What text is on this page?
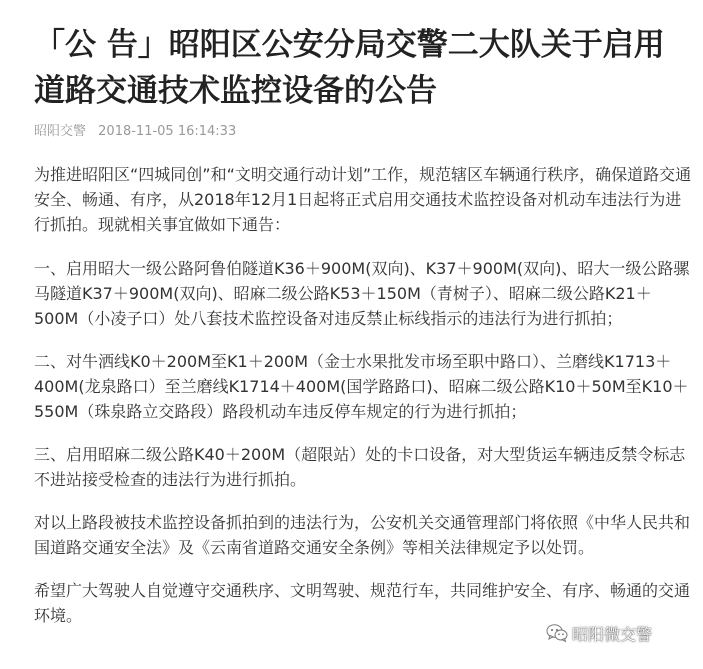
「公 告」昭阳区公安分局交警二大队关于启用道路交通技术监控设备的公告
昭阳交警 2018-11-05 16:14:33

为推进昭阳区“四城同创”和“文明交通行动计划”工作，规范辖区车辆通行秩序，确保道路交通安全、畅通、有序，从2018年12月1日起将正式启用交通技术监控设备对机动车违法行为进行抓拍。现就相关事宜做如下通告：

一、启用昭大一级公路阿鲁伯隧道K36＋900M(双向)、K37＋900M(双向)、昭大一级公路骡马隧道K37＋900M(双向)、昭麻二级公路K53＋150M（青树子）、昭麻二级公路K21＋500M（小凌子口）处八套技术监控设备对违反禁止标线指示的违法行为进行抓拍；

二、对牛洒线K0＋200M至K1＋200M（金士水果批发市场至职中路口）、兰磨线K1713＋400M(龙泉路口）至兰磨线K1714＋400M(国学路路口)、昭麻二级公路K10＋50M至K10＋550M（珠泉路立交路段）路段机动车违反停车规定的行为进行抓拍；

三、启用昭麻二级公路K40＋200M（超限站）处的卡口设备，对大型货运车辆违反禁令标志不进站接受检查的违法行为进行抓拍。

对以上路段被技术监控设备抓拍到的违法行为，公安机关交通管理部门将依照《中华人民共和国道路交通安全法》及《云南省道路交通安全条例》等相关法律规定予以处罚。

希望广大驾驶人自觉遵守交通秩序、文明驾驶、规范行车，共同维护安全、有序、畅通的交通环境。

昭阳微交警
